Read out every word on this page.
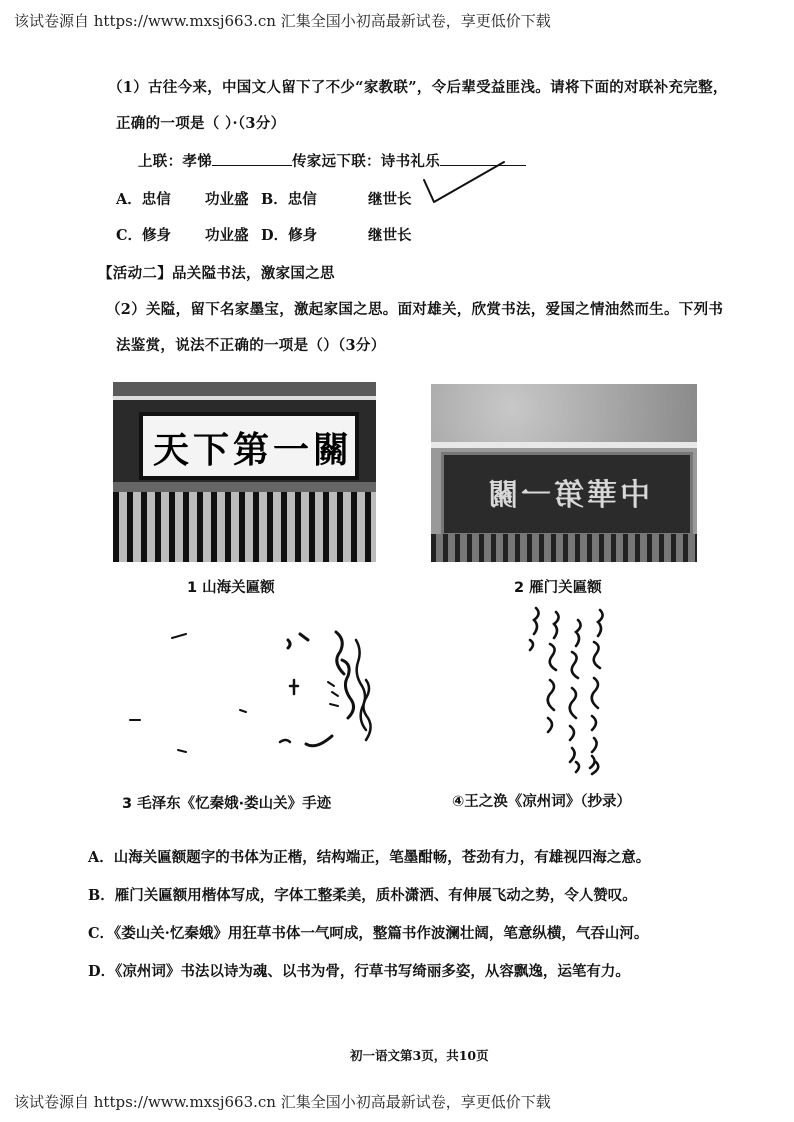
该试卷源自 https://www.mxsj663.cn 汇集全国小初高最新试卷，享更低价下载
该试卷源自 https://www.mxsj663.cn 汇集全国小初高最新试卷，享更低价下载
（1）古往今来，中国文人留下了不少“家教联”，令后辈受益匪浅。请将下面的对联补充完整，
正确的一项是（ ）·（3分）
上联：孝悌	传家远下联：诗书礼乐
A．忠信 功业盛 B．忠信	继世长
C．修身 功业盛 D．修身	继世长
【活动二】品关隘书法，激家国之思
（2）关隘，留下名家墨宝，激起家国之思。面对雄关，欣赏书法，爱国之情油然而生。下列书
法鉴赏，说法不正确的一项是（）（3分）
天下第一關
1 山海关匾额
中華第一關
2 雁门关匾额
3 毛泽东《忆秦娥·娄山关》手迹	④王之涣《凉州词》（抄录）
A．山海关匾额题字的书体为正楷，结构端正，笔墨酣畅，苍劲有力，有雄视四海之意。
B．雁门关匾额用楷体写成，字体工整柔美，质朴潇洒、有伸展飞动之势，令人赞叹。
C．《娄山关·忆秦娥》用狂草书体一气呵成，整篇书作波澜壮阔，笔意纵横，气吞山河。
D．《凉州词》书法以诗为魂、以书为骨，行草书写绮丽多姿，从容飘逸，运笔有力。
初一语文第3页，共10页
